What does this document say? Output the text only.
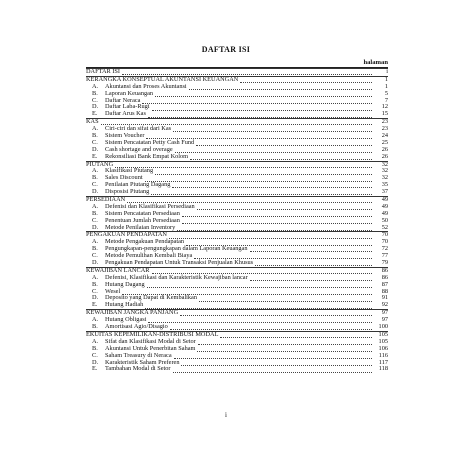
DAFTAR ISI
halaman
DAFTAR ISI	i
KERANGKA KONSEPTUAL AKUNTANSI KEUANGAN	1
A.	Akuntansi dan Proses Akuntansi	1
B.	Laporan Keuangan	5
C.	Daftar Neraca	7
D.	Daftar Laba-Rugi	12
E.	Daftar Arus Kas	15
KAS	23
A.	Ciri-ciri dan sifat dari Kas	23
B.	Sistem Voucher	24
C.	Sistem Pencatatan Petty Cash Fund	25
D.	Cash shortage and overage	26
E.	Rekonsiliasi Bank Empat Kolom	26
PIUTANG	32
A.	Klasifikasi Piutang	32
B.	Sales Discount	32
C.	Penilaian Piutang Dagang	35
D.	Disposisi Piutang	37
PERSEDIAAN	49
A.	Defenisi dan Klasifikasi Persediaan	49
B.	Sistem Pencatatan Persediaan	49
C.	Penentuan Jumlah Persediaan	50
D.	Metode Penilaian Inventory	52
PENGAKUAN PENDAPATAN	70
A.	Metode Pengakuan Pendapatan	70
B.	Pengungkapan-pengungkapan dalam Laporan Keuangan	72
C.	Metode Pemulihan Kembali Biaya	77
D.	Pengakuan Pendapatan Untuk Transaksi Penjualan Khusus	79
KEWAJIBAN LANCAR	86
A.	Defenisi, Klasifikasi dan Karakteristik Kewajiban lancar	86
B.	Hutang Dagang	87
C.	Wesel	88
D.	Deposito yang Dapat di Kembalikan	91
E.	Hutang Hadiah	92
KEWAJIBAN JANGKA PANJANG	97
A.	Hutang Obligasi	97
B.	Amortisasi Agio/Disagio	100
EKUITAS KEPEMILIKAN-DISTRIBUSI MODAL	105
A.	Sifat dan Klasifikasi Modal di Setor	105
B.	Akuntansi Untuk Penerbitan Saham	106
C.	Saham Treasury di Neraca	116
D.	Karakteristik Saham Preferen	117
E.	Tambahan Modal di Setor	118
i
